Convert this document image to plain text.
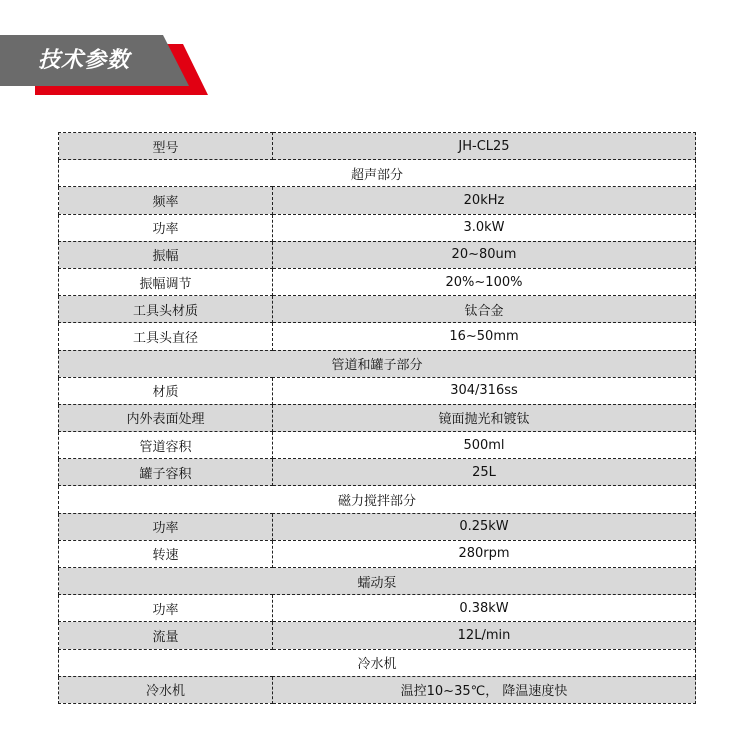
技术参数
型号	JH-CL25
超声部分	
频率	20kHz
功率	3.0kW
振幅	20~80um
振幅调节	20%~100%
工具头材质	钛合金
工具头直径	16~50mm
管道和罐子部分	
材质	304/316ss
内外表面处理	镜面抛光和镀钛
管道容积	500ml
罐子容积	25L
磁力搅拌部分	
功率	0.25kW
转速	280rpm
蠕动泵	
功率	0.38kW
流量	12L/min
冷水机	
冷水机	温控10~35℃， 降温速度快
